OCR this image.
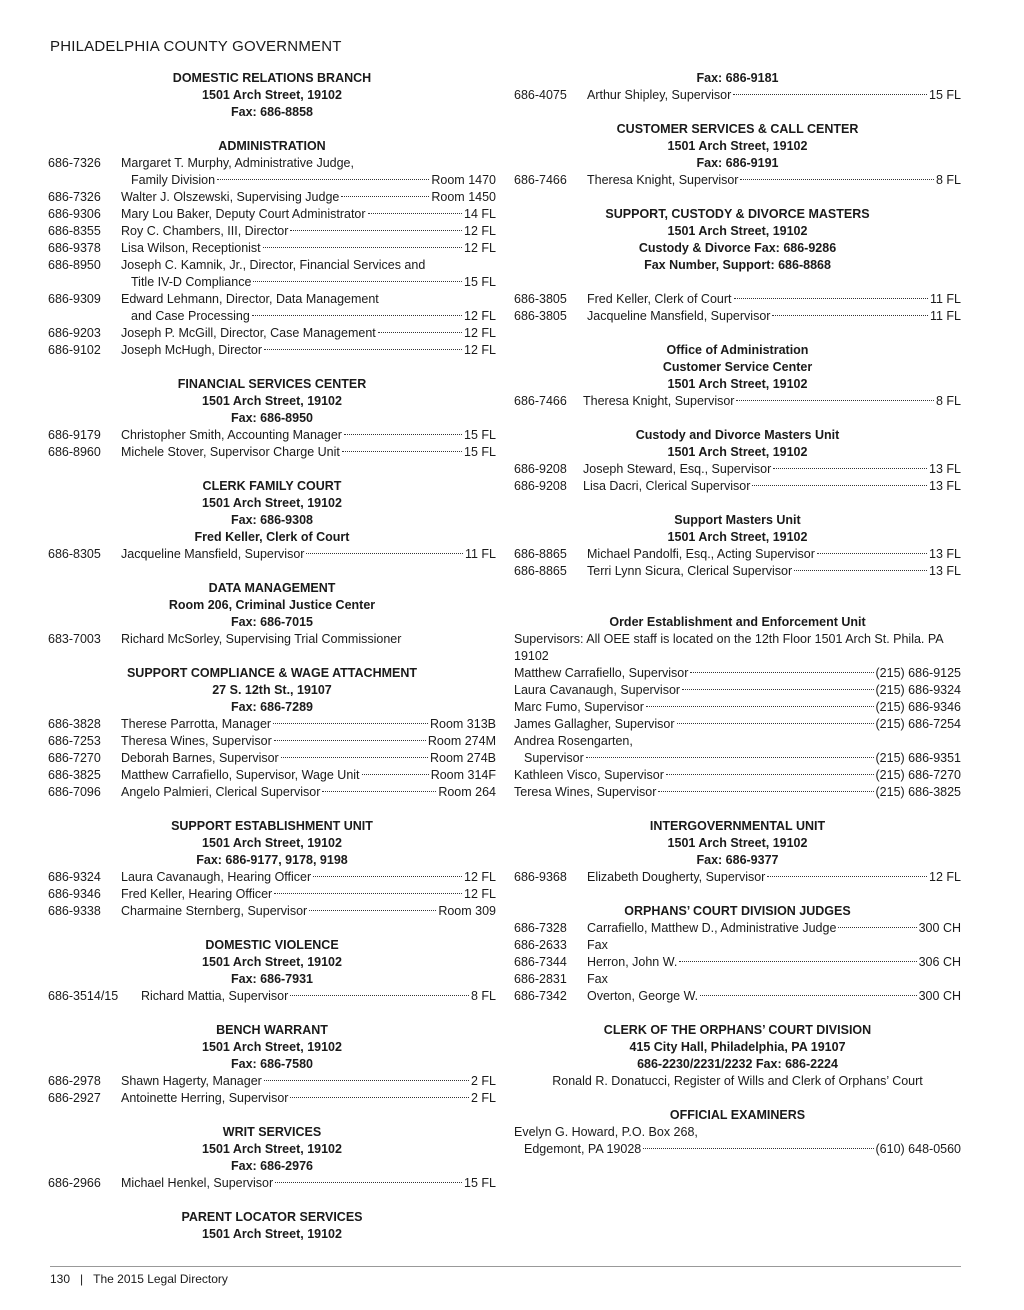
PHILADELPHIA COUNTY GOVERNMENT
DOMESTIC RELATIONS BRANCH
1501 Arch Street, 19102
Fax: 686-8858
ADMINISTRATION
686-7326	Margaret T. Murphy, Administrative Judge,
Family Division	Room 1470
686-7326	Walter J. Olszewski, Supervising Judge	Room 1450
686-9306	Mary Lou Baker, Deputy Court Administrator	14 FL
686-8355	Roy C. Chambers, III, Director	12 FL
686-9378	Lisa Wilson, Receptionist	12 FL
686-8950	Joseph C. Kamnik, Jr., Director, Financial Services and
Title IV-D Compliance	15 FL
686-9309	Edward Lehmann, Director, Data Management
and Case Processing	12 FL
686-9203	Joseph P. McGill, Director, Case Management	12 FL
686-9102	Joseph McHugh, Director	12 FL
FINANCIAL SERVICES CENTER
1501 Arch Street, 19102
Fax: 686-8950
686-9179	Christopher Smith, Accounting Manager	15 FL
686-8960	Michele Stover, Supervisor Charge Unit	15 FL
CLERK FAMILY COURT
1501 Arch Street, 19102
Fax: 686-9308
Fred Keller, Clerk of Court
686-8305	Jacqueline Mansfield, Supervisor	11 FL
DATA MANAGEMENT
Room 206, Criminal Justice Center
Fax: 686-7015
683-7003	Richard McSorley, Supervising Trial Commissioner
SUPPORT COMPLIANCE & WAGE ATTACHMENT
27 S. 12th St., 19107
Fax: 686-7289
686-3828	Therese Parrotta, Manager	Room 313B
686-7253	Theresa Wines, Supervisor	Room 274M
686-7270	Deborah Barnes, Supervisor	Room 274B
686-3825	Matthew Carrafiello, Supervisor, Wage Unit	Room 314F
686-7096	Angelo Palmieri, Clerical Supervisor	Room 264
SUPPORT ESTABLISHMENT UNIT
1501 Arch Street, 19102
Fax: 686-9177, 9178, 9198
686-9324	Laura Cavanaugh, Hearing Officer	12 FL
686-9346	Fred Keller, Hearing Officer	12 FL
686-9338	Charmaine Sternberg, Supervisor	Room 309
DOMESTIC VIOLENCE
1501 Arch Street, 19102
Fax: 686-7931
686-3514/15	Richard Mattia, Supervisor	8 FL
BENCH WARRANT
1501 Arch Street, 19102
Fax: 686-7580
686-2978	Shawn Hagerty, Manager	2 FL
686-2927	Antoinette Herring, Supervisor	2 FL
WRIT SERVICES
1501 Arch Street, 19102
Fax: 686-2976
686-2966	Michael Henkel, Supervisor	15 FL
PARENT LOCATOR SERVICES
1501 Arch Street, 19102
Fax: 686-9181
686-4075	Arthur Shipley, Supervisor	15 FL
CUSTOMER SERVICES & CALL CENTER
1501 Arch Street, 19102
Fax: 686-9191
686-7466	Theresa Knight, Supervisor	8 FL
SUPPORT, CUSTODY & DIVORCE MASTERS
1501 Arch Street, 19102
Custody & Divorce Fax: 686-9286
Fax Number, Support: 686-8868

686-3805	Fred Keller, Clerk of Court	11 FL
686-3805	Jacqueline Mansfield, Supervisor	11 FL
Office of Administration
Customer Service Center
1501 Arch Street, 19102
686-7466	Theresa Knight, Supervisor	8 FL
Custody and Divorce Masters Unit
1501 Arch Street, 19102
686-9208	Joseph Steward, Esq., Supervisor	13 FL
686-9208	Lisa Dacri, Clerical Supervisor	13 FL
Support Masters Unit
1501 Arch Street, 19102
686-8865	Michael Pandolfi, Esq., Acting Supervisor	13 FL
686-8865	Terri Lynn Sicura, Clerical Supervisor	13 FL

Order Establishment and Enforcement Unit
Supervisors: All OEE staff is located on the 12th Floor 1501 Arch St. Phila. PA 19102
Matthew Carrafiello, Supervisor	(215) 686-9125
Laura Cavanaugh, Supervisor	(215) 686-9324
Marc Fumo, Supervisor	(215) 686-9346
James Gallagher, Supervisor	(215) 686-7254
Andrea Rosengarten,
Supervisor	(215) 686-9351
Kathleen Visco, Supervisor	(215) 686-7270
Teresa Wines, Supervisor	(215) 686-3825
INTERGOVERNMENTAL UNIT
1501 Arch Street, 19102
Fax: 686-9377
686-9368	Elizabeth Dougherty, Supervisor	12 FL
ORPHANS’ COURT DIVISION JUDGES
686-7328	Carrafiello, Matthew D., Administrative Judge	300 CH
686-2633	Fax
686-7344	Herron, John W.	306 CH
686-2831	Fax
686-7342	Overton, George W.	300 CH
CLERK OF THE ORPHANS’ COURT DIVISION
415 City Hall, Philadelphia, PA 19107
686-2230/2231/2232 Fax: 686-2224
Ronald R. Donatucci, Register of Wills and Clerk of Orphans’ Court
OFFICIAL EXAMINERS
Evelyn G. Howard, P.O. Box 268,
Edgemont, PA 19028	(610) 648-0560
130 | The 2015 Legal Directory
